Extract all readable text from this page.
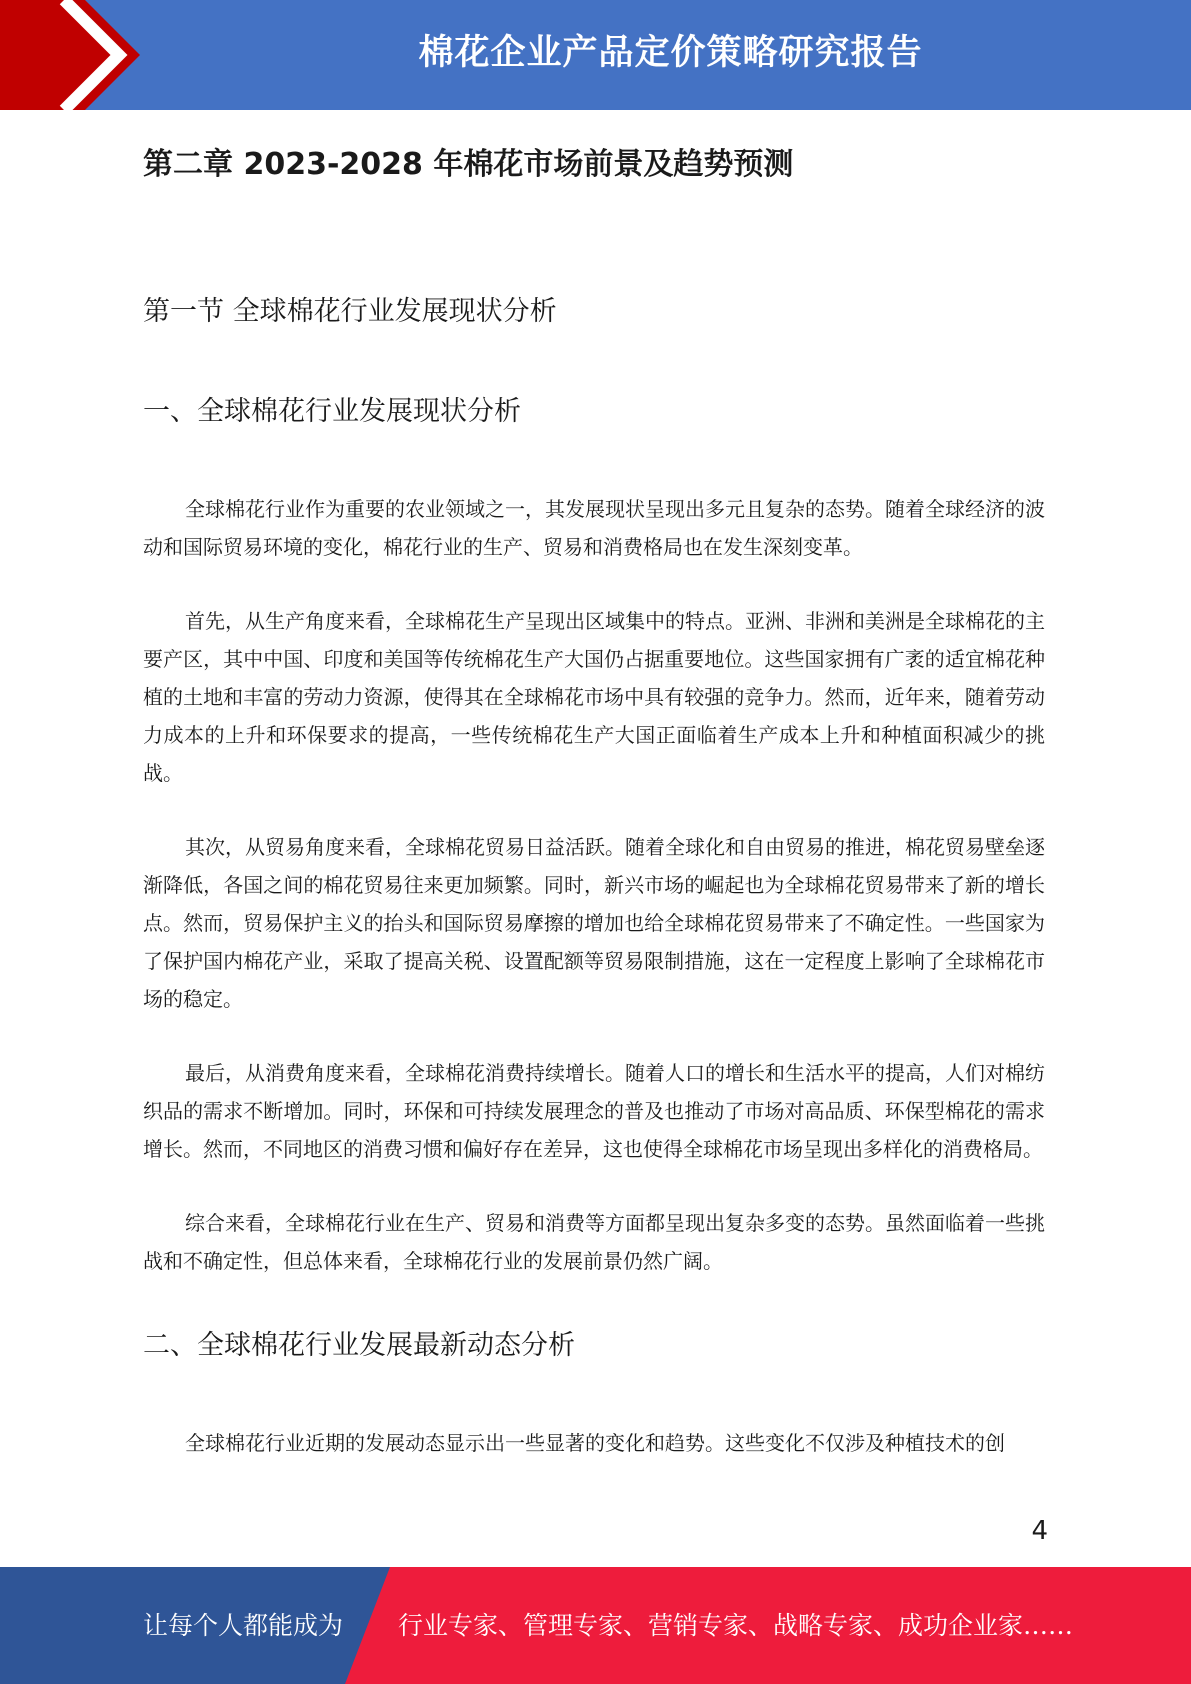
棉花企业产品定价策略研究报告
第二章 2023-2028 年棉花市场前景及趋势预测
第一节 全球棉花行业发展现状分析
一、全球棉花行业发展现状分析

全球棉花行业作为重要的农业领域之一，其发展现状呈现出多元且复杂的态势。随着全球经济的波动和国际贸易环境的变化，棉花行业的生产、贸易和消费格局也在发生深刻变革。

首先，从生产角度来看，全球棉花生产呈现出区域集中的特点。亚洲、非洲和美洲是全球棉花的主要产区，其中中国、印度和美国等传统棉花生产大国仍占据重要地位。这些国家拥有广袤的适宜棉花种植的土地和丰富的劳动力资源，使得其在全球棉花市场中具有较强的竞争力。然而，近年来，随着劳动力成本的上升和环保要求的提高，一些传统棉花生产大国正面临着生产成本上升和种植面积减少的挑战。

其次，从贸易角度来看，全球棉花贸易日益活跃。随着全球化和自由贸易的推进，棉花贸易壁垒逐渐降低，各国之间的棉花贸易往来更加频繁。同时，新兴市场的崛起也为全球棉花贸易带来了新的增长点。然而，贸易保护主义的抬头和国际贸易摩擦的增加也给全球棉花贸易带来了不确定性。一些国家为了保护国内棉花产业，采取了提高关税、设置配额等贸易限制措施，这在一定程度上影响了全球棉花市场的稳定。

最后，从消费角度来看，全球棉花消费持续增长。随着人口的增长和生活水平的提高，人们对棉纺织品的需求不断增加。同时，环保和可持续发展理念的普及也推动了市场对高品质、环保型棉花的需求增长。然而，不同地区的消费习惯和偏好存在差异，这也使得全球棉花市场呈现出多样化的消费格局。

综合来看，全球棉花行业在生产、贸易和消费等方面都呈现出复杂多变的态势。虽然面临着一些挑战和不确定性，但总体来看，全球棉花行业的发展前景仍然广阔。

二、全球棉花行业发展最新动态分析

全球棉花行业近期的发展动态显示出一些显著的变化和趋势。这些变化不仅涉及种植技术的创

4
让每个人都能成为 行业专家、管理专家、营销专家、战略专家、成功企业家……
